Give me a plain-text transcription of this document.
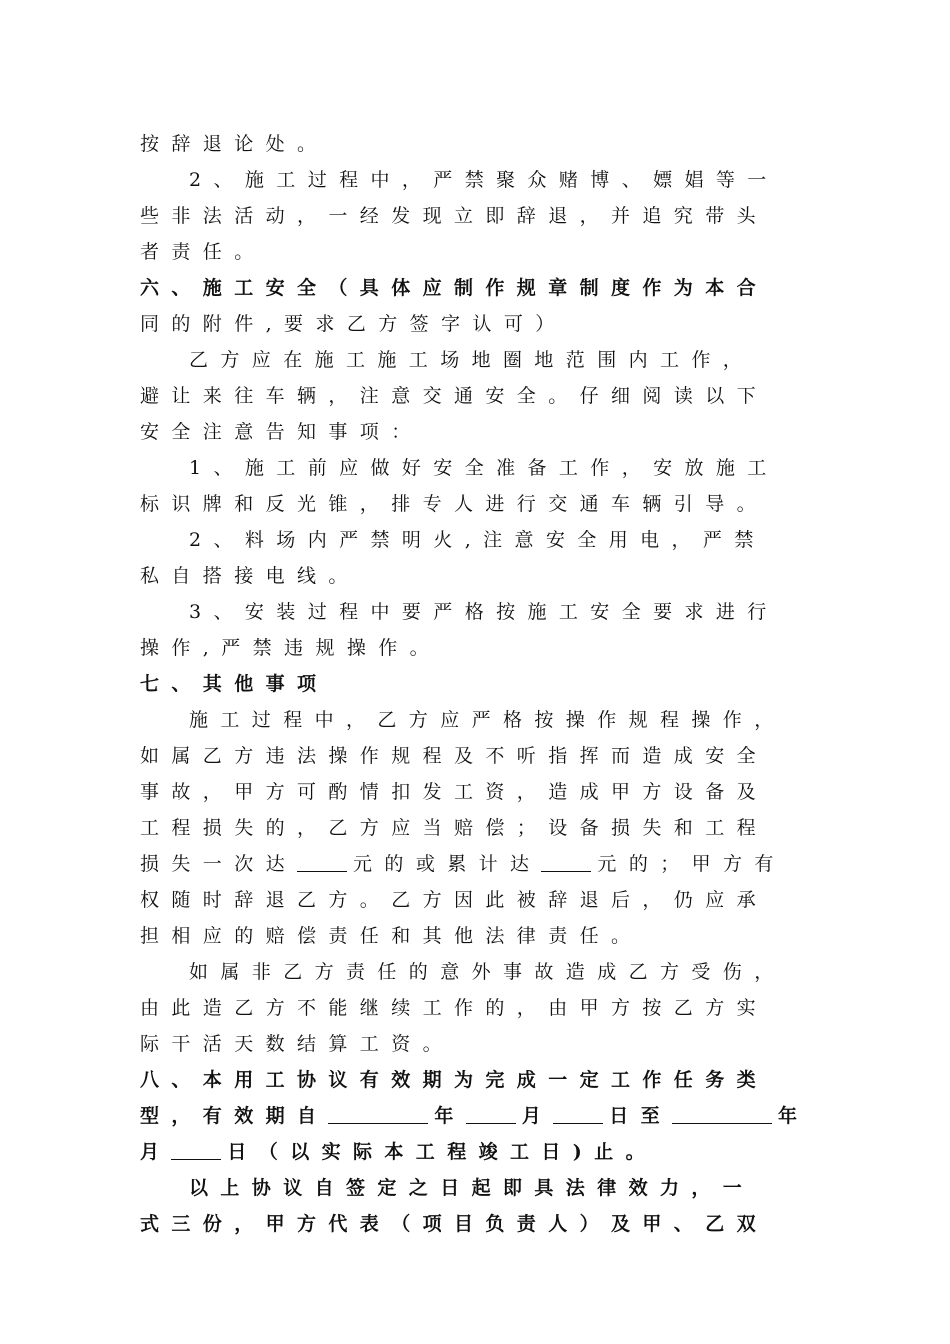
按辞退论处。
2、施工过程中，严禁聚众赌博、嫖娼等一
些非法活动，一经发现立即辞退，并追究带头
者责任。
六、施工安全（具体应制作规章制度作为本合
同的附件,要求乙方签字认可）
乙方应在施工施工场地圈地范围内工作，
避让来往车辆，注意交通安全。仔细阅读以下
安全注意告知事项：
1、施工前应做好安全准备工作，安放施工
标识牌和反光锥，排专人进行交通车辆引导。
2、料场内严禁明火,注意安全用电，严禁
私自搭接电线。
3、安装过程中要严格按施工安全要求进行
操作,严禁违规操作。
七、其他事项
施工过程中，乙方应严格按操作规程操作，
如属乙方违法操作规程及不听指挥而造成安全
事故，甲方可酌情扣发工资，造成甲方设备及
工程损失的，乙方应当赔偿；设备损失和工程
损失一次达	元的或累计达	元的；甲方有
权随时辞退乙方。乙方因此被辞退后，仍应承
担相应的赔偿责任和其他法律责任。
如属非乙方责任的意外事故造成乙方受伤，
由此造乙方不能继续工作的，由甲方按乙方实
际干活天数结算工资。
八、本用工协议有效期为完成一定工作任务类
型，有效期自	年	月	日至	年
月	日（以实际本工程竣工日)止。
以上协议自签定之日起即具法律效力，一
式三份，甲方代表（项目负责人）及甲、乙双
